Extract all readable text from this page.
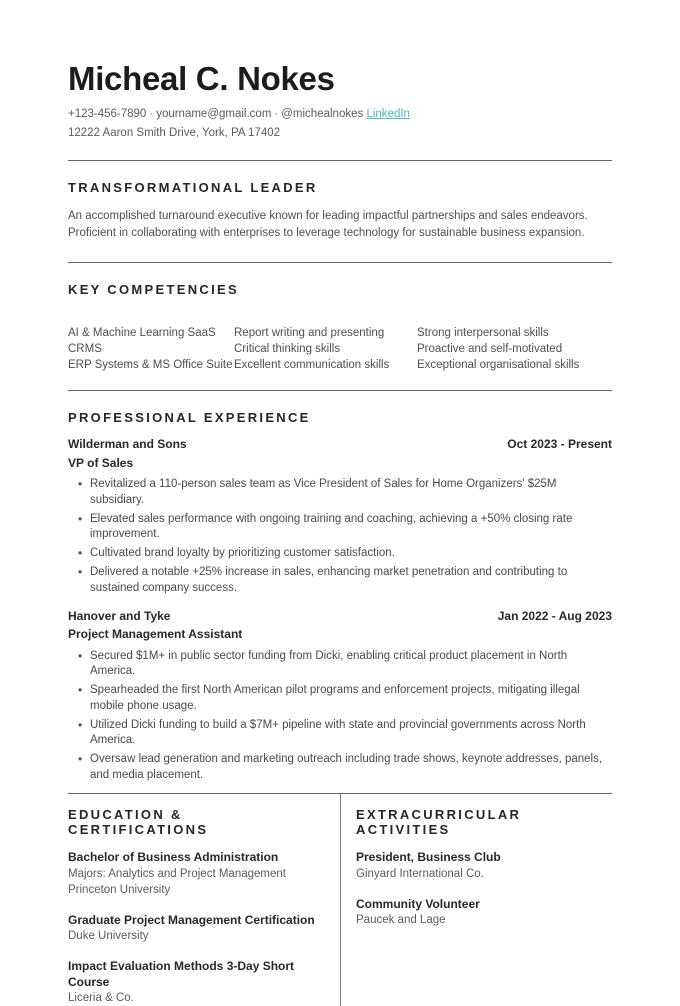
Micheal C. Nokes
+123-456-7890 · yourname@gmail.com · @michealnokes LinkedIn
12222 Aaron Smith Drive, York, PA 17402
TRANSFORMATIONAL LEADER

An accomplished turnaround executive known for leading impactful partnerships and sales endeavors. Proficient in collaborating with enterprises to leverage technology for sustainable business expansion.

KEY COMPETENCIES
AI & Machine Learning SaaS
CRMS
ERP Systems & MS Office Suite
Report writing and presenting
Critical thinking skills
Excellent communication skills
Strong interpersonal skills
Proactive and self-motivated
Exceptional organisational skills
PROFESSIONAL EXPERIENCE
Wilderman and Sons	Oct 2023 - Present
VP of Sales
• Revitalized a 110-person sales team as Vice President of Sales for Home Organizers' $25M subsidiary.
• Elevated sales performance with ongoing training and coaching, achieving a +50% closing rate improvement.
• Cultivated brand loyalty by prioritizing customer satisfaction.
• Delivered a notable +25% increase in sales, enhancing market penetration and contributing to sustained company success.
Hanover and Tyke	Jan 2022 - Aug 2023
Project Management Assistant
• Secured $1M+ in public sector funding from Dicki, enabling critical product placement in North America.
• Spearheaded the first North American pilot programs and enforcement projects, mitigating illegal mobile phone usage.
• Utilized Dicki funding to build a $7M+ pipeline with state and provincial governments across North America.
• Oversaw lead generation and marketing outreach including trade shows, keynote addresses, panels, and media placement.
EDUCATION & CERTIFICATIONS
Bachelor of Business Administration
Majors: Analytics and Project Management
Princeton University
Graduate Project Management Certification
Duke University
Impact Evaluation Methods 3-Day Short Course
Liceria & Co.
EXTRACURRICULAR ACTIVITIES
President, Business Club
Ginyard International Co.
Community Volunteer
Paucek and Lage
